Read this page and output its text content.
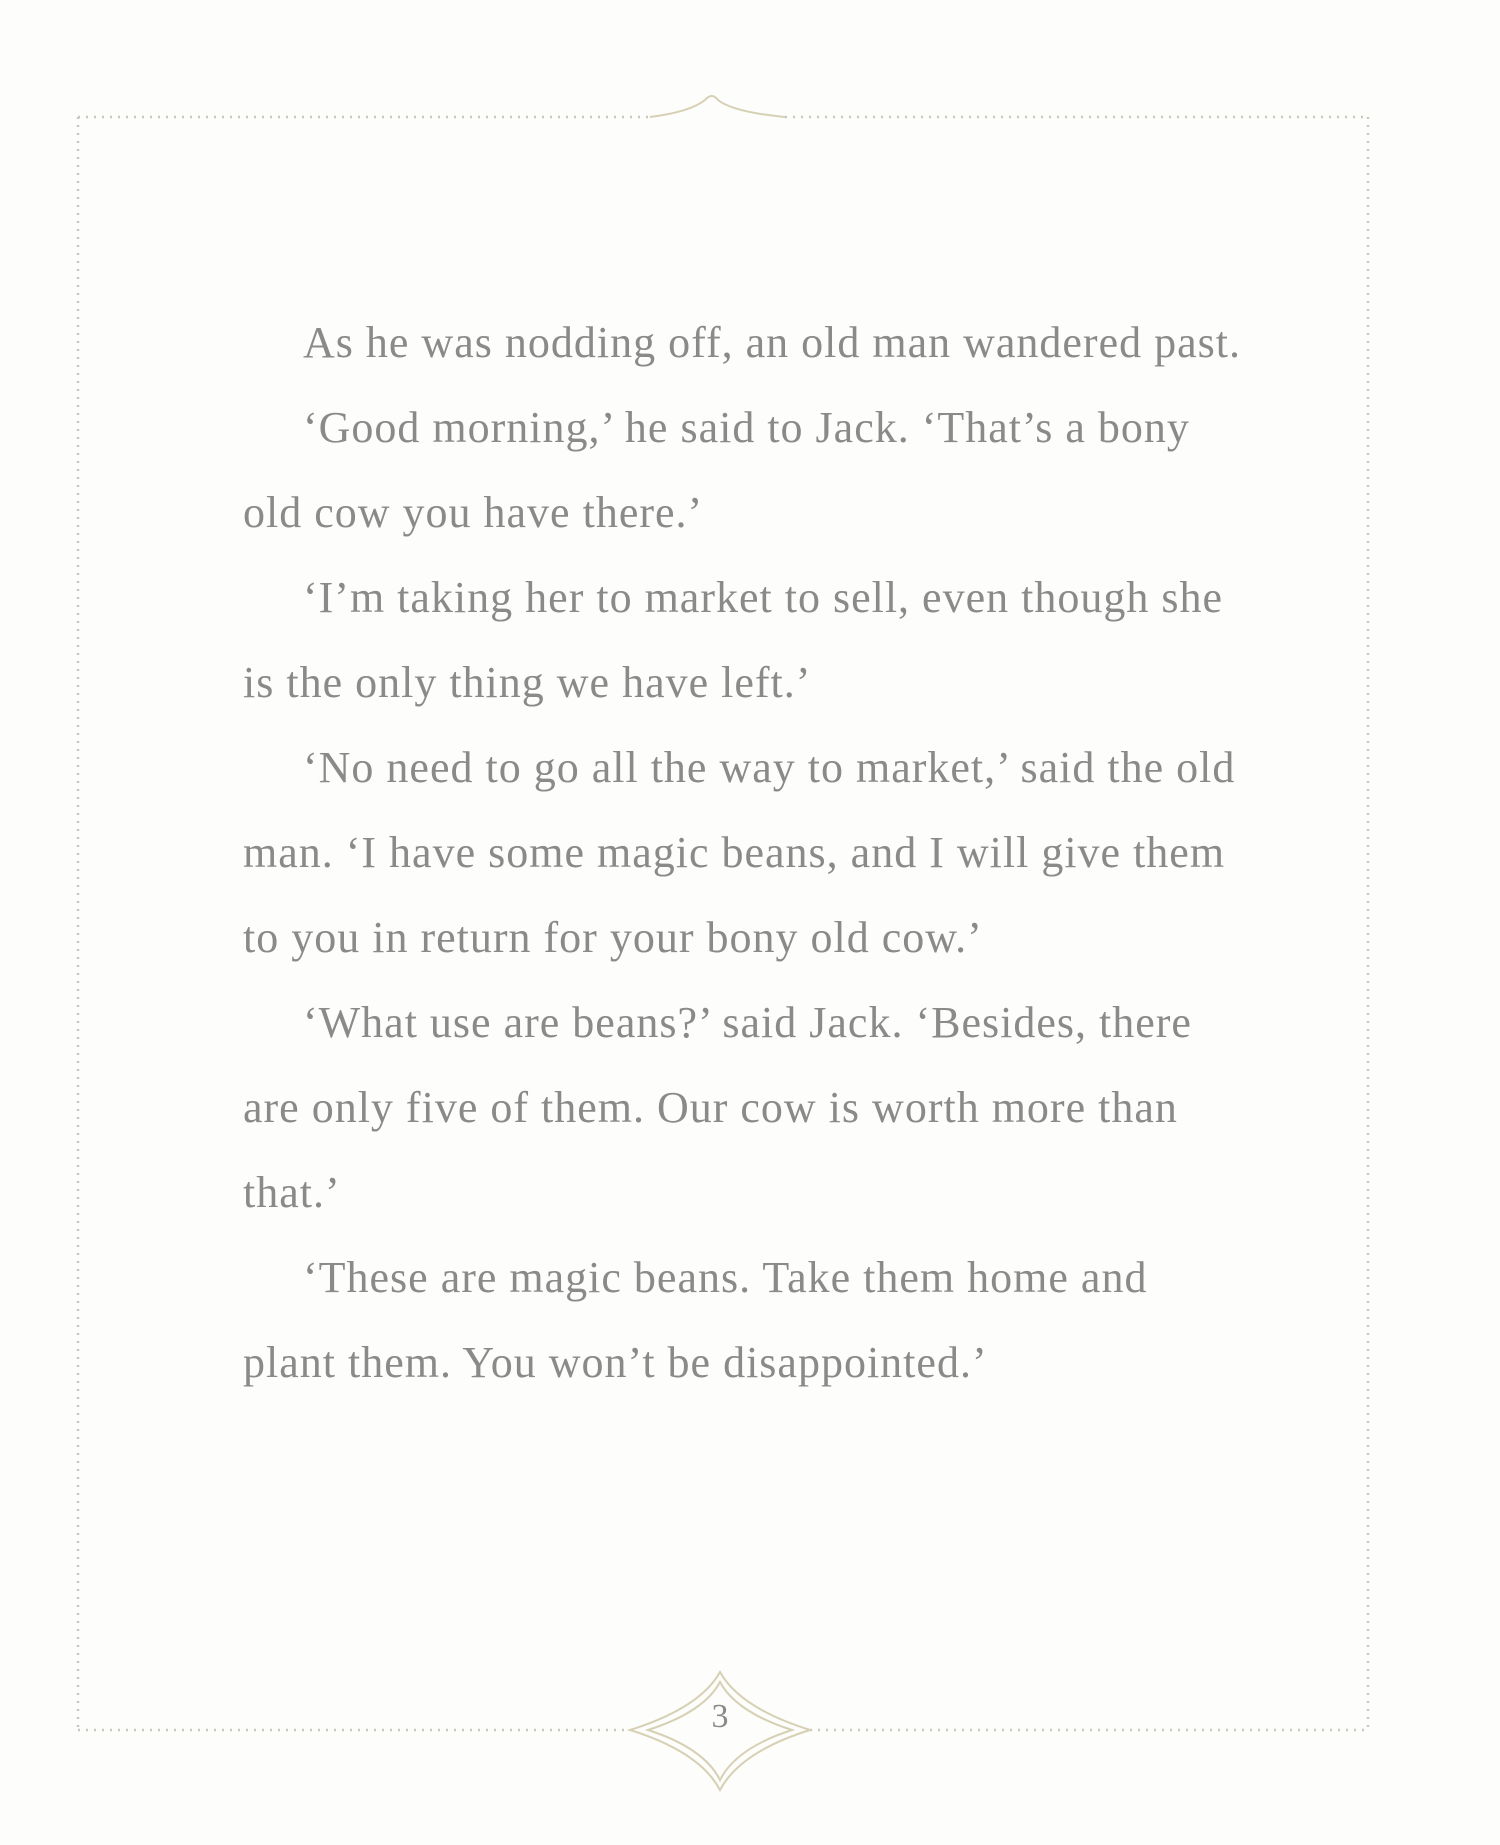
As he was nodding off, an old man wandered past.

‘Good morning,’ he said to Jack. ‘That’s a bony old cow you have there.’

‘I’m taking her to market to sell, even though she is the only thing we have left.’

‘No need to go all the way to market,’ said the old man. ‘I have some magic beans, and I will give them to you in return for your bony old cow.’

‘What use are beans?’ said Jack. ‘Besides, there are only five of them. Our cow is worth more than that.’

‘These are magic beans. Take them home and plant them. You won’t be disappointed.’

3
